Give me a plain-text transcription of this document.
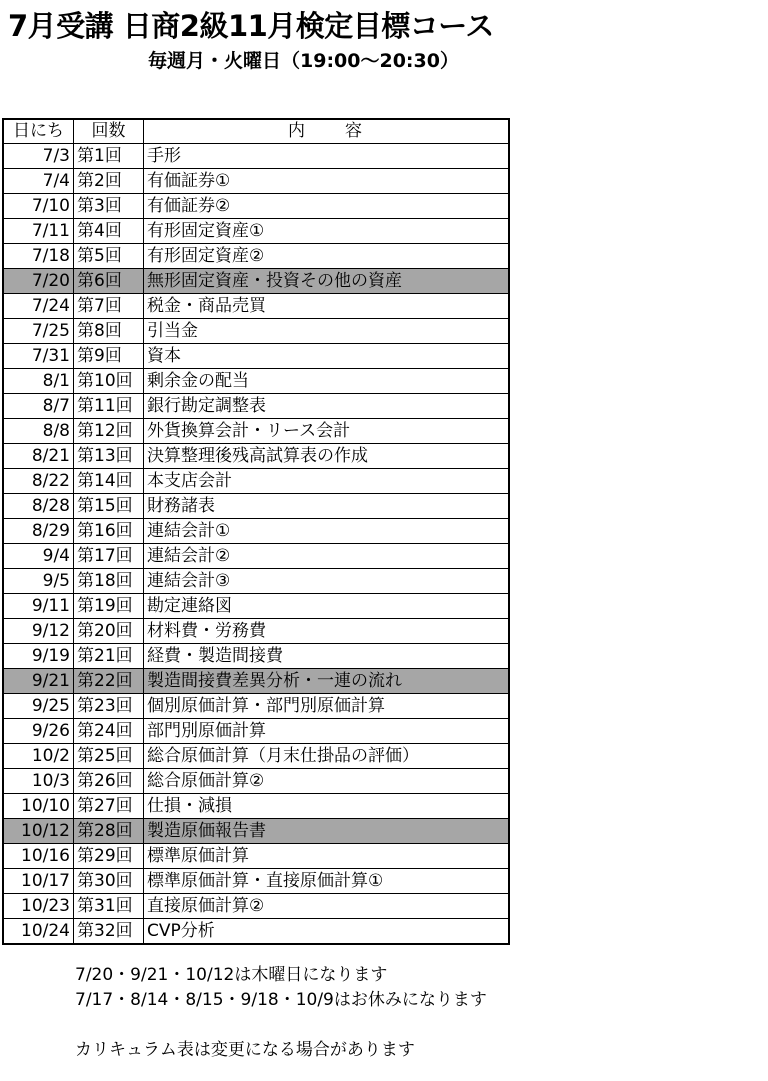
7月受講 日商2級11月検定目標コース
毎週月・火曜日（19:00～20:30）
日にち	回数	内　　容
7/3	第1回	手形
7/4	第2回	有価証券①
7/10	第3回	有価証券②
7/11	第4回	有形固定資産①
7/18	第5回	有形固定資産②
7/20	第6回	無形固定資産・投資その他の資産
7/24	第7回	税金・商品売買
7/25	第8回	引当金
7/31	第9回	資本
8/1	第10回	剰余金の配当
8/7	第11回	銀行勘定調整表
8/8	第12回	外貨換算会計・リース会計
8/21	第13回	決算整理後残高試算表の作成
8/22	第14回	本支店会計
8/28	第15回	財務諸表
8/29	第16回	連結会計①
9/4	第17回	連結会計②
9/5	第18回	連結会計③
9/11	第19回	勘定連絡図
9/12	第20回	材料費・労務費
9/19	第21回	経費・製造間接費
9/21	第22回	製造間接費差異分析・一連の流れ
9/25	第23回	個別原価計算・部門別原価計算
9/26	第24回	部門別原価計算
10/2	第25回	総合原価計算（月末仕掛品の評価）
10/3	第26回	総合原価計算②
10/10	第27回	仕損・減損
10/12	第28回	製造原価報告書
10/16	第29回	標準原価計算
10/17	第30回	標準原価計算・直接原価計算①
10/23	第31回	直接原価計算②
10/24	第32回	CVP分析
7/20・9/21・10/12は木曜日になります
7/17・8/14・8/15・9/18・10/9はお休みになります
カリキュラム表は変更になる場合があります
